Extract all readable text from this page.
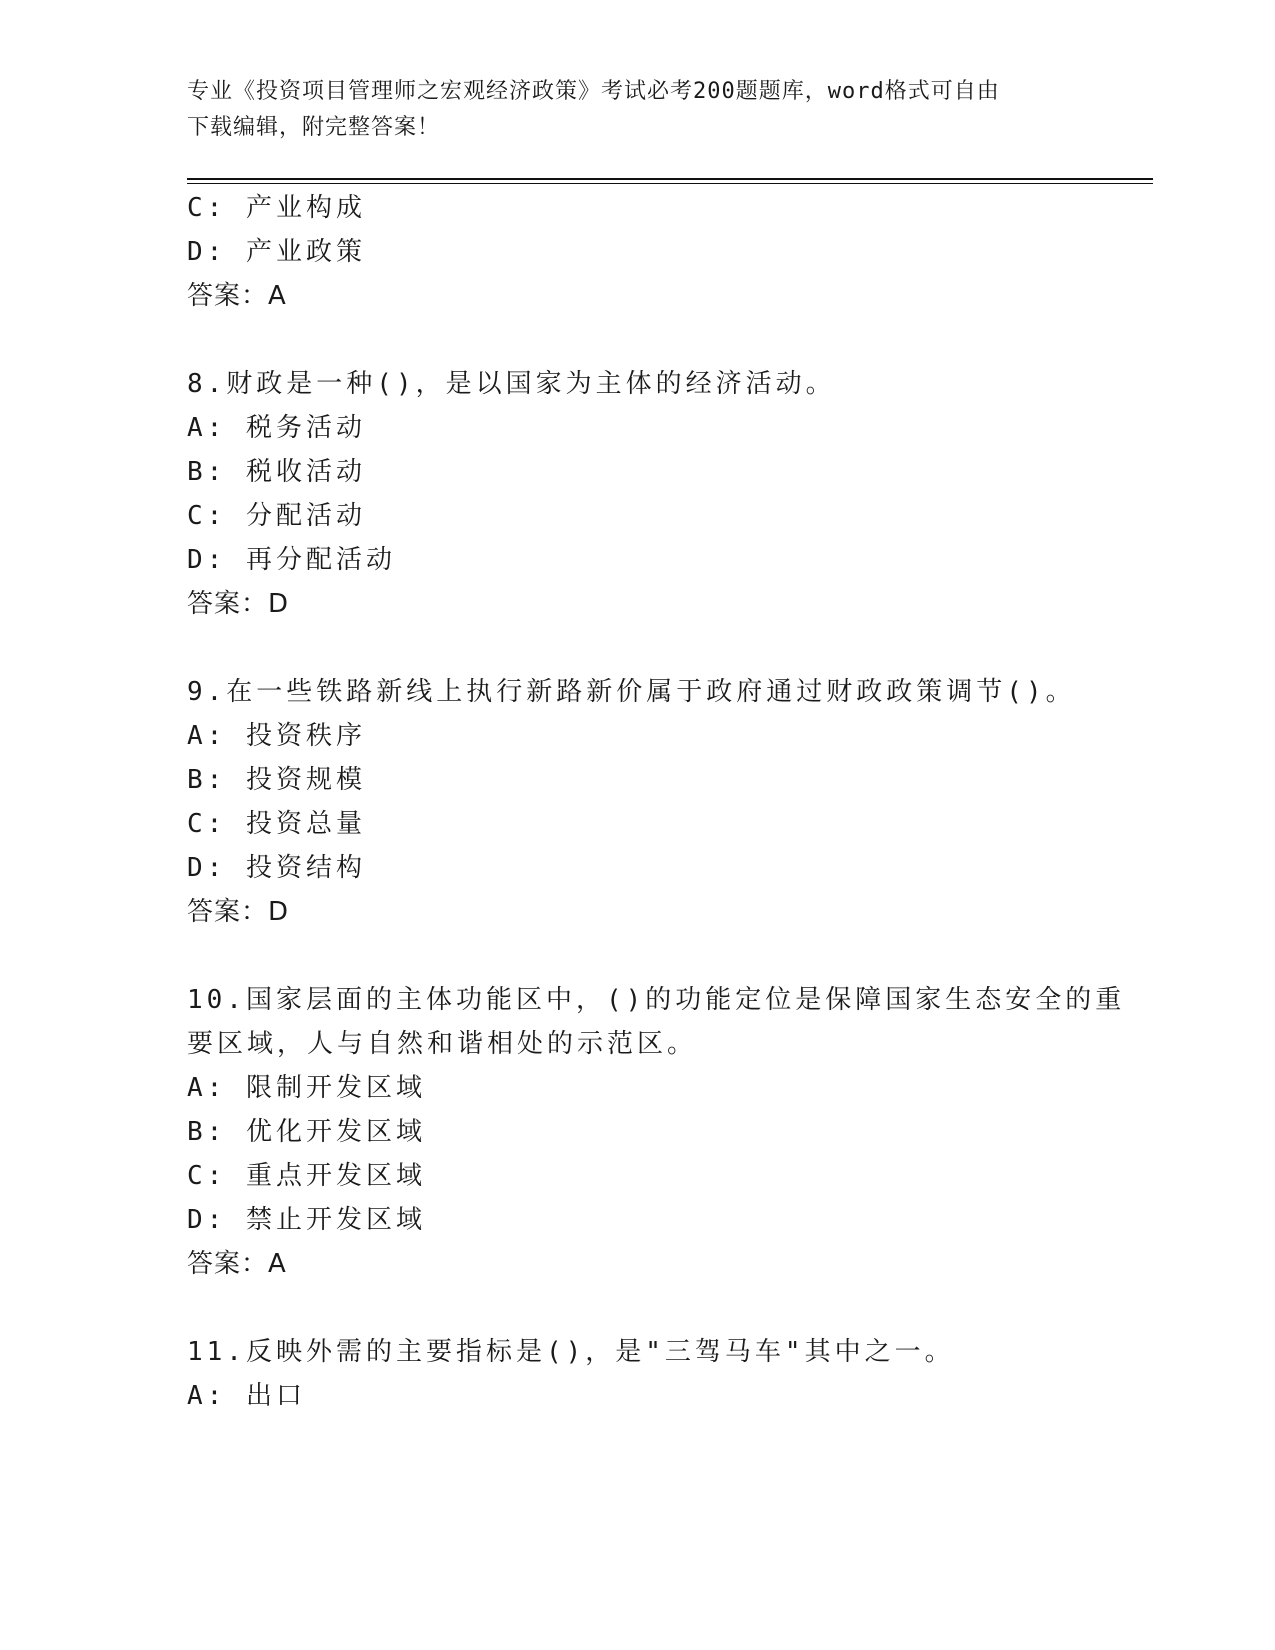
专业《投资项目管理师之宏观经济政策》考试必考200题题库，word格式可自由
下载编辑，附完整答案！
C: 产业构成
D: 产业政策
答案：A
8.财政是一种()，是以国家为主体的经济活动。
A: 税务活动
B: 税收活动
C: 分配活动
D: 再分配活动
答案：D
9.在一些铁路新线上执行新路新价属于政府通过财政政策调节()。
A: 投资秩序
B: 投资规模
C: 投资总量
D: 投资结构
答案：D
10.国家层面的主体功能区中，()的功能定位是保障国家生态安全的重
要区域，人与自然和谐相处的示范区。
A: 限制开发区域
B: 优化开发区域
C: 重点开发区域
D: 禁止开发区域
答案：A
11.反映外需的主要指标是()，是"三驾马车"其中之一。
A: 出口
